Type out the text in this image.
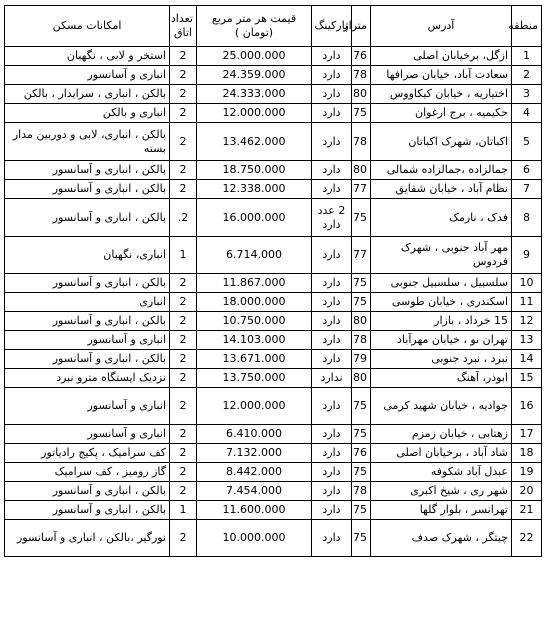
منطقه	آدرس	متراژ	پارکینگ	قیمت هر متر مربع (تومان )	تعداد اتاق	امکانات مسکن
1	ازگل، برخیابان اصلی	76	دارد	25.000.000	2	استخر و لابی ، نگهبان
2	سعادت آباد، خیابان صرافها	78	دارد	24.359.000	2	انباری و آسانسور
3	اختیاریه ، خیابان کیکاووس	80	دارد	24.333.000	2	بالکن ، انباری ، سرایدار ، بالکن
4	حکیمیه ، برج ارغوان	75	دارد	12.000.000	2	انباری و بالکن
5	اکباتان، شهرک اکباتان	78	دارد	13.462.000	2	بالکن ، انباری، لابی و دوربین مدار بسته
6	جمالزاده ،جمالزاده شمالی	80	دارد	18.750.000	2	بالکن ، انباری و آسانسور
7	نظام آباد ، خیابان شقایق	77	دارد	12.338.000	2	بالکن ، انباری و آسانسور
8	فدک ، نارمک	75	2 عدد دارد	16.000.000	2.	بالکن ، انباری و آسانسور
9	مهر آباد جنوبی ، شهرک فردوس	77	دارد	6.714.000	1	انباری، نگهبان
10	سلسبیل ، سلسبیل جنوبی	75	دارد	11.867.000	2	بالکن ، انباری و آسانسور
11	اسکندری ، خیابان طوسی	75	دارد	18.000.000	2	انباری
12	15 خرداد ، بازار	80	دارد	10.750.000	2	بالکن ، انباری و آسانسور
13	تهران نو ، خیابان مهرآباد	78	دارد	14.103.000	2	انباری و آسانسور
14	نبرد ، نبرد جنوبی	79	دارد	13.671.000	2	بالکن ، انباری و آسانسور
15	ابوذر، آهنگ	80	ندارد	13.750.000	2	نزدیک ایستگاه مترو نبرد
16	جوادیه ، خیابان شهید کرمی	75	دارد	12.000.000	2	انباری و آسانسور
17	زهتابی ، خیابان زمزم	75	دارد	6.410.000	2	انباری و آسانسور
18	شاد آباد ، برخیابان اصلی	76	دارد	7.132.000	2	کف سرامیک ، پکیج رادیاتور
19	عبدل آباد شکوفه	75	دارد	8.442.000	2	گاز رومیز ، کف سرامیک
20	شهر ری ، شیخ اکبری	78	دارد	7.454.000	2	بالکن ، انباری و آسانسور
21	تهرانسر ، بلوار گلها	75	دارد	11.600.000	1	بالکن ، انباری و آسانسور
22	چیتگر ، شهرک صدف	75	دارد	10.000.000	2	نورگیر ،بالکن ، انباری و آسانسور
